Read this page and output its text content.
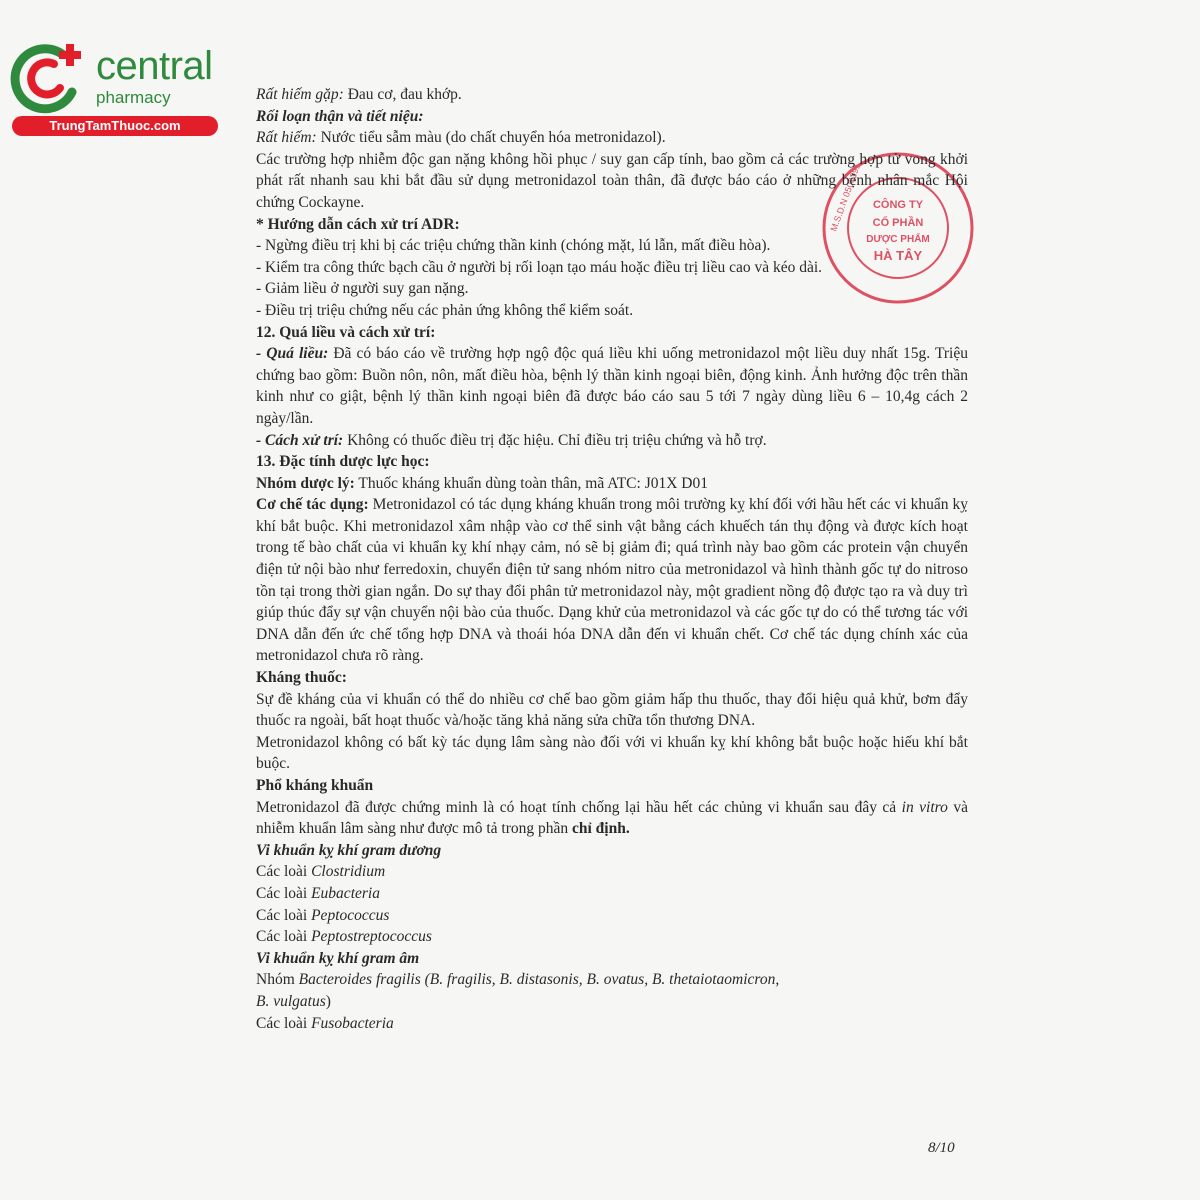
central
pharmacy
TrungTamThuoc.com
CÔNG TY
CỔ PHẦN
DƯỢC PHẨM
HÀ TÂY
M.S.D.N 0500391

Rất hiếm gặp: Đau cơ, đau khớp.

Rối loạn thận và tiết niệu:

Rất hiếm: Nước tiểu sẫm màu (do chất chuyển hóa metronidazol).

Các trường hợp nhiễm độc gan nặng không hồi phục / suy gan cấp tính, bao gồm cả các trường hợp tử vong khởi phát rất nhanh sau khi bắt đầu sử dụng metronidazol toàn thân, đã được báo cáo ở những bệnh nhân mắc Hội chứng Cockayne.

* Hướng dẫn cách xử trí ADR:

- Ngừng điều trị khi bị các triệu chứng thần kinh (chóng mặt, lú lẫn, mất điều hòa).

- Kiểm tra công thức bạch cầu ở người bị rối loạn tạo máu hoặc điều trị liều cao và kéo dài.

- Giảm liều ở người suy gan nặng.

- Điều trị triệu chứng nếu các phản ứng không thể kiểm soát.

12. Quá liều và cách xử trí:

- Quá liều: Đã có báo cáo về trường hợp ngộ độc quá liều khi uống metronidazol một liều duy nhất 15g. Triệu chứng bao gồm: Buồn nôn, nôn, mất điều hòa, bệnh lý thần kinh ngoại biên, động kinh. Ảnh hưởng độc trên thần kinh như co giật, bệnh lý thần kinh ngoại biên đã được báo cáo sau 5 tới 7 ngày dùng liều 6 – 10,4g cách 2 ngày/lần.

- Cách xử trí: Không có thuốc điều trị đặc hiệu. Chỉ điều trị triệu chứng và hỗ trợ.

13. Đặc tính dược lực học:

Nhóm dược lý: Thuốc kháng khuẩn dùng toàn thân, mã ATC: J01X D01

Cơ chế tác dụng: Metronidazol có tác dụng kháng khuẩn trong môi trường kỵ khí đối với hầu hết các vi khuẩn kỵ khí bắt buộc. Khi metronidazol xâm nhập vào cơ thể sinh vật bằng cách khuếch tán thụ động và được kích hoạt trong tế bào chất của vi khuẩn kỵ khí nhạy cảm, nó sẽ bị giảm đi; quá trình này bao gồm các protein vận chuyển điện tử nội bào như ferredoxin, chuyển điện tử sang nhóm nitro của metronidazol và hình thành gốc tự do nitroso tồn tại trong thời gian ngắn. Do sự thay đổi phân tử metronidazol này, một gradient nồng độ được tạo ra và duy trì giúp thúc đẩy sự vận chuyển nội bào của thuốc. Dạng khử của metronidazol và các gốc tự do có thể tương tác với DNA dẫn đến ức chế tổng hợp DNA và thoái hóa DNA dẫn đến vi khuẩn chết. Cơ chế tác dụng chính xác của metronidazol chưa rõ ràng.

Kháng thuốc:

Sự đề kháng của vi khuẩn có thể do nhiều cơ chế bao gồm giảm hấp thu thuốc, thay đổi hiệu quả khử, bơm đẩy thuốc ra ngoài, bất hoạt thuốc và/hoặc tăng khả năng sửa chữa tổn thương DNA.

Metronidazol không có bất kỳ tác dụng lâm sàng nào đối với vi khuẩn kỵ khí không bắt buộc hoặc hiếu khí bắt buộc.

Phổ kháng khuẩn

Metronidazol đã được chứng minh là có hoạt tính chống lại hầu hết các chủng vi khuẩn sau đây cả in vitro và nhiễm khuẩn lâm sàng như được mô tả trong phần chỉ định.

Vi khuẩn kỵ khí gram dương

Các loài Clostridium

Các loài Eubacteria

Các loài Peptococcus

Các loài Peptostreptococcus

Vi khuẩn kỵ khí gram âm

Nhóm Bacteroides fragilis (B. fragilis, B. distasonis, B. ovatus, B. thetaiotaomicron,
B. vulgatus)

Các loài Fusobacteria

8/10
